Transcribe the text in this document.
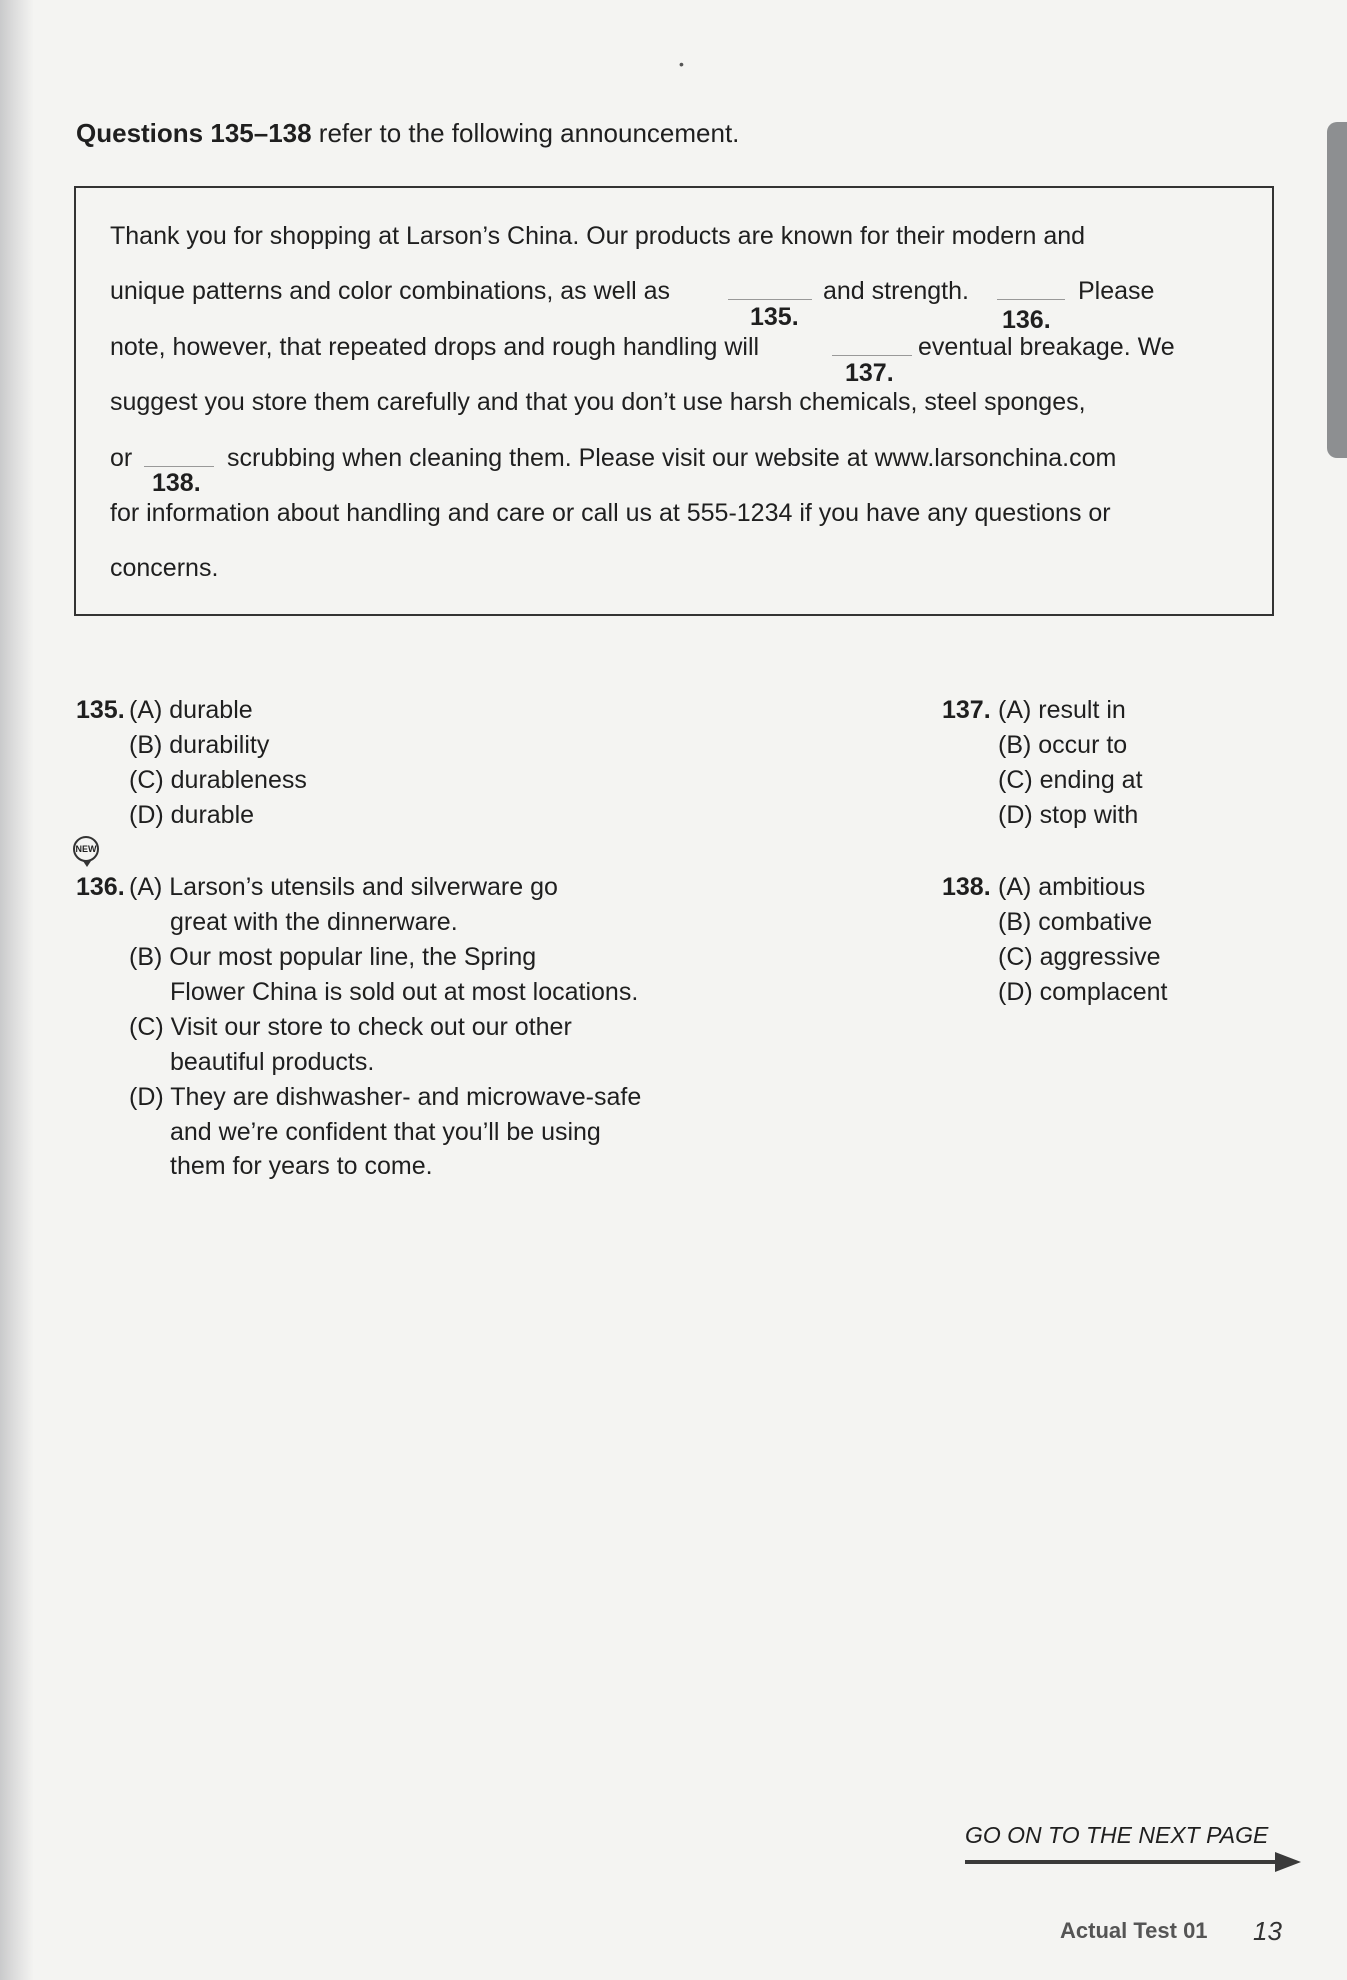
•
Questions 135–138 refer to the following announcement.
Thank you for shopping at Larson’s China. Our products are known for their modern and
unique patterns and color combinations, as well as	and strength.	Please
135.	136.
note, however, that repeated drops and rough handling will	eventual breakage. We
137.
suggest you store them carefully and that you don’t use harsh chemicals, steel sponges,
or	scrubbing when cleaning them. Please visit our website at www.larsonchina.com
138.
for information about handling and care or call us at 555-1234 if you have any questions or
concerns.
135. (A) durable
(B) durability
(C) durableness
(D) durable
NEW
136. (A) Larson’s utensils and silverware go
great with the dinnerware.
(B) Our most popular line, the Spring
Flower China is sold out at most locations.
(C) Visit our store to check out our other
beautiful products.
(D) They are dishwasher- and microwave-safe
and we’re confident that you’ll be using
them for years to come.
137. (A) result in
(B) occur to
(C) ending at
(D) stop with
138. (A) ambitious
(B) combative
(C) aggressive
(D) complacent
GO ON TO THE NEXT PAGE
Actual Test 01 13
